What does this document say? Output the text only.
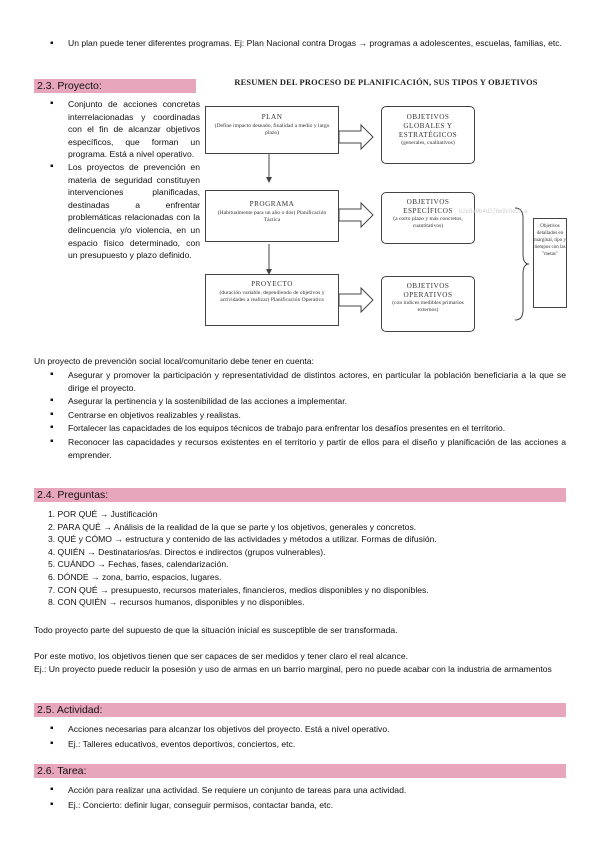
▪ Un plan puede tener diferentes programas. Ej: Plan Nacional contra Drogas → programas a adolescentes, escuelas, familias, etc.
2.3. Proyecto:
▪ Conjunto de acciones concretas interrelacionadas y coordinadas con el fin de alcanzar objetivos específicos, que forman un programa. Está a nivel operativo.
▪ Los proyectos de prevención en materia de seguridad constituyen intervenciones planificadas, destinadas a enfrentar problemáticas relacionadas con la delincuencia y/o violencia, en un espacio físico determinado, con un presupuesto y plazo definido.
RESUMEN DEL PROCESO DE PLANIFICACIÓN, SUS TIPOS Y OBJETIVOS
PLAN
(Define impacto deseado, finalidad a medio y largo plazo)
PROGRAMA
(Habitualmente para un año o dos) Planificación Táctica
PROYECTO
(duración variable, dependiendo de objetivos y actividades a realizar) Planificación Operativa
OBJETIVOS GLOBALES Y ESTRATÉGICOS
(generales, cualitativos)
OBJETIVOS ESPECÍFICOS
(a corto plazo y más concretos, cuantitativos)
OBJETIVOS OPERATIVOS
(con índices medibles primarios externos)
b2e8a9b4d276e9c0e02-a
Objetivos detallados en marginal, tipo y tiempos con las "metas"
Un proyecto de prevención social local/comunitario debe tener en cuenta:
▪ Asegurar y promover la participación y representatividad de distintos actores, en particular la población beneficiaria a la que se dirige el proyecto.
▪ Asegurar la pertinencia y la sostenibilidad de las acciones a implementar.
▪ Centrarse en objetivos realizables y realistas.
▪ Fortalecer las capacidades de los equipos técnicos de trabajo para enfrentar los desafíos presentes en el territorio.
▪ Reconocer las capacidades y recursos existentes en el territorio y partir de ellos para el diseño y planificación de las acciones a emprender.
2.4. Preguntas:
1. POR QUÉ → Justificación
2. PARA QUÉ → Análisis de la realidad de la que se parte y los objetivos, generales y concretos.
3. QUÉ y CÓMO → estructura y contenido de las actividades y métodos a utilizar. Formas de difusión.
4. QUIÉN → Destinatarios/as. Directos e indirectos (grupos vulnerables).
5. CUÁNDO → Fechas, fases, calendarización.
6. DÓNDE → zona, barrio, espacios, lugares.
7. CON QUÉ → presupuesto, recursos materiales, financieros, medios disponibles y no disponibles.
8. CON QUIÉN → recursos humanos, disponibles y no disponibles.
Todo proyecto parte del supuesto de que la situación inicial es susceptible de ser transformada.
Por este motivo, los objetivos tienen que ser capaces de ser medidos y tener claro el real alcance.
Ej.: Un proyecto puede reducir la posesión y uso de armas en un barrio marginal, pero no puede acabar con la industria de armamentos
2.5. Actividad:
▪ Acciones necesarias para alcanzar los objetivos del proyecto. Está a nivel operativo.
▪ Ej.: Talleres educativos, eventos deportivos, conciertos, etc.
2.6. Tarea:
▪ Acción para realizar una actividad. Se requiere un conjunto de tareas para una actividad.
▪ Ej.: Concierto: definir lugar, conseguir permisos, contactar banda, etc.
